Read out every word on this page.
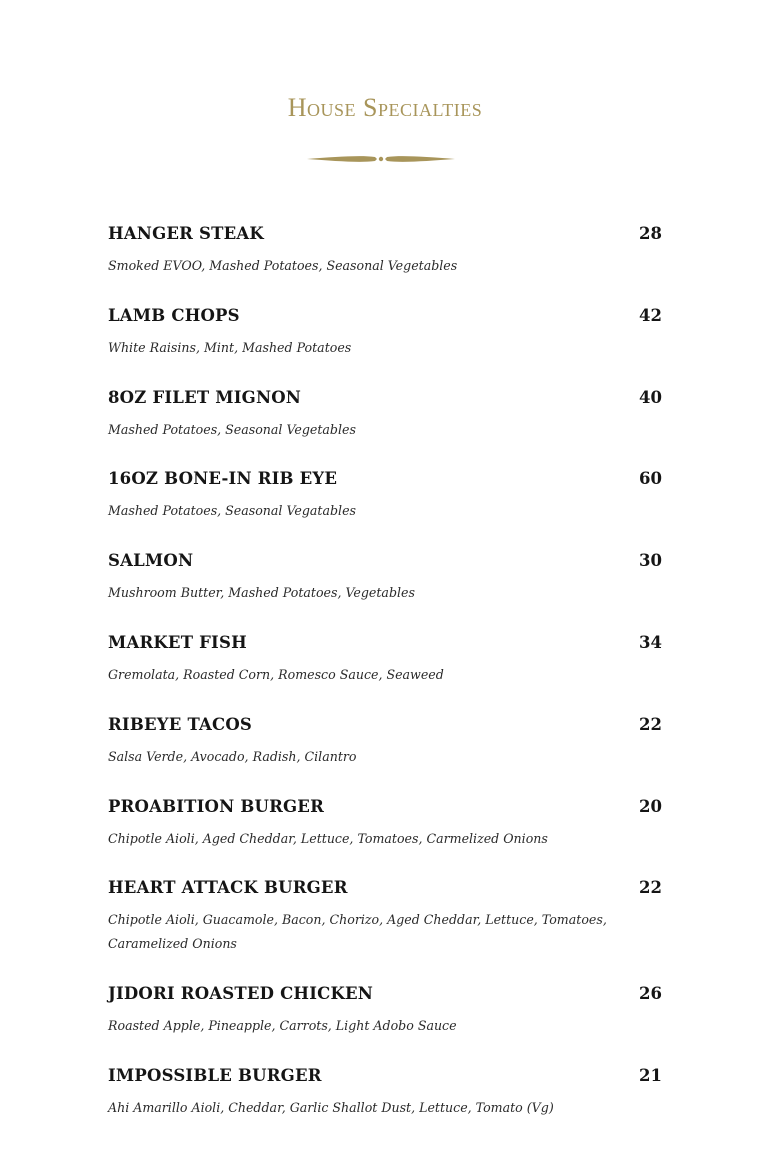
House Specialties
HANGER STEAK	28
Smoked EVOO, Mashed Potatoes, Seasonal Vegetables
LAMB CHOPS	42
White Raisins, Mint, Mashed Potatoes
8OZ FILET MIGNON	40
Mashed Potatoes, Seasonal Vegetables
16OZ BONE-IN RIB EYE	60
Mashed Potatoes, Seasonal Vegatables
SALMON	30
Mushroom Butter, Mashed Potatoes, Vegetables
MARKET FISH	34
Gremolata, Roasted Corn, Romesco Sauce, Seaweed
RIBEYE TACOS	22
Salsa Verde, Avocado, Radish, Cilantro
PROABITION BURGER	20
Chipotle Aioli, Aged Cheddar, Lettuce, Tomatoes, Carmelized Onions
HEART ATTACK BURGER	22
Chipotle Aioli, Guacamole, Bacon, Chorizo, Aged Cheddar, Lettuce, Tomatoes, Caramelized Onions
JIDORI ROASTED CHICKEN	26
Roasted Apple, Pineapple, Carrots, Light Adobo Sauce
IMPOSSIBLE BURGER	21
Ahi Amarillo Aioli, Cheddar, Garlic Shallot Dust, Lettuce, Tomato (Vg)
